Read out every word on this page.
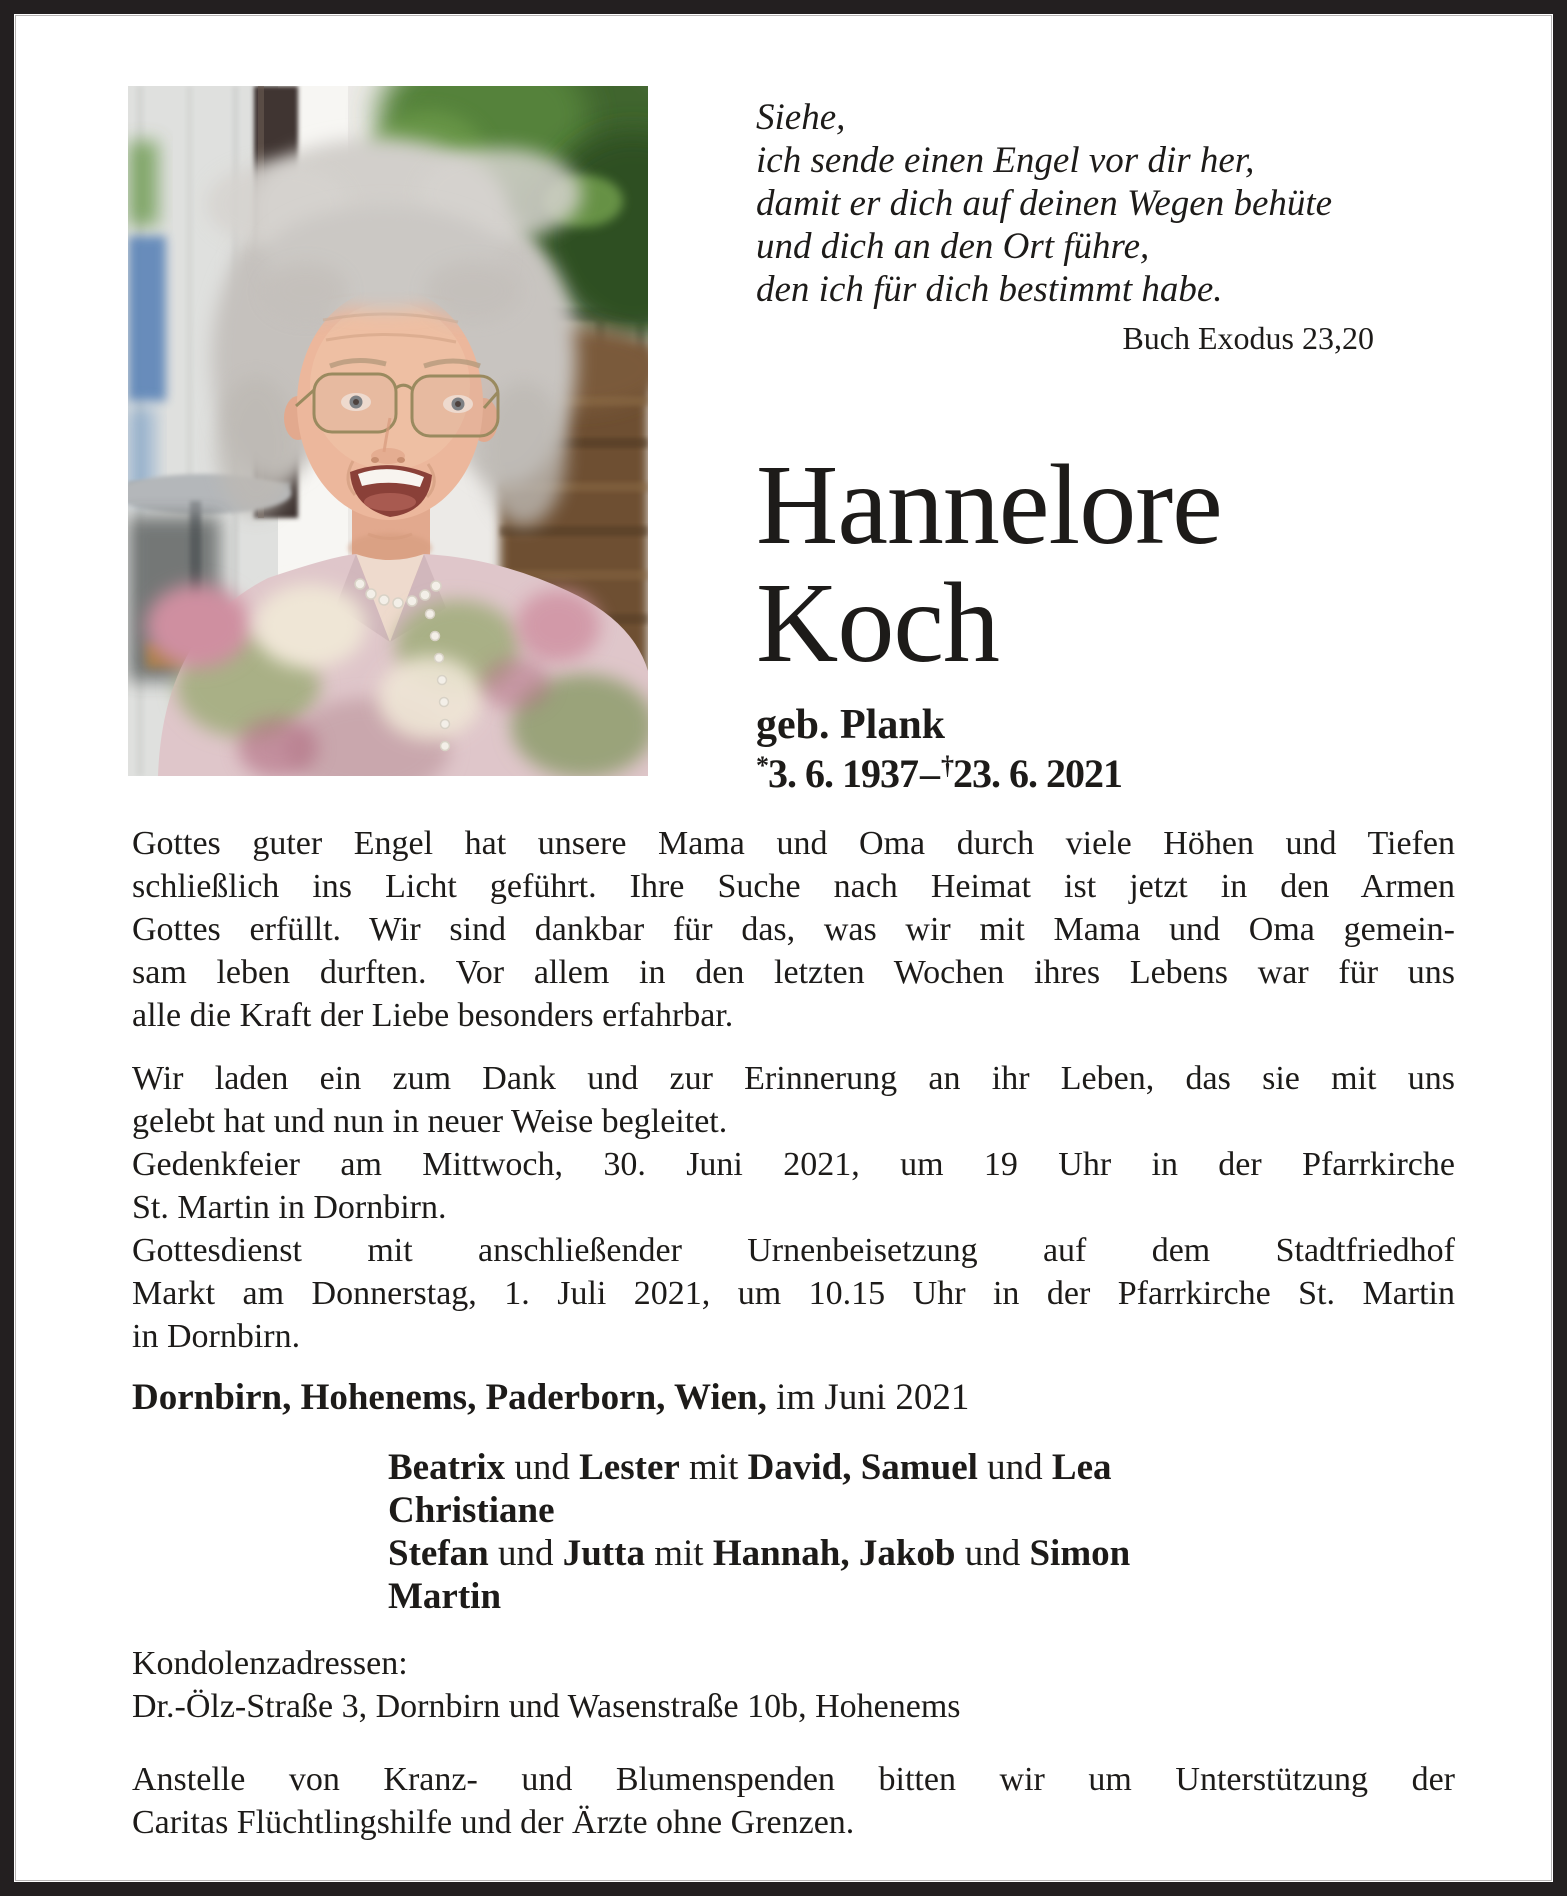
Siehe,
ich sende einen Engel vor dir her,
damit er dich auf deinen Wegen behüte
und dich an den Ort führe,
den ich für dich bestimmt habe.
Buch Exodus 23,20
Hannelore
Koch
geb. Plank
*3. 6. 1937–†23. 6. 2021
Gottes guter Engel hat unsere Mama und Oma durch viele Höhen und Tiefen
schließlich ins Licht geführt. Ihre Suche nach Heimat ist jetzt in den Armen
Gottes erfüllt. Wir sind dankbar für das, was wir mit Mama und Oma gemein-
sam leben durften. Vor allem in den letzten Wochen ihres Lebens war für uns
alle die Kraft der Liebe besonders erfahrbar.
Wir laden ein zum Dank und zur Erinnerung an ihr Leben, das sie mit uns
gelebt hat und nun in neuer Weise begleitet.
Gedenkfeier am Mittwoch, 30. Juni 2021, um 19 Uhr in der Pfarrkirche
St. Martin in Dornbirn.
Gottesdienst mit anschließender Urnenbeisetzung auf dem Stadtfriedhof
Markt am Donnerstag, 1. Juli 2021, um 10.15 Uhr in der Pfarrkirche St. Martin
in Dornbirn.
Dornbirn, Hohenems, Paderborn, Wien, im Juni 2021
Beatrix und Lester mit David, Samuel und Lea
Christiane
Stefan und Jutta mit Hannah, Jakob und Simon
Martin
Kondolenzadressen:
Dr.-Ölz-Straße 3, Dornbirn und Wasenstraße 10b, Hohenems
Anstelle von Kranz- und Blumenspenden bitten wir um Unterstützung der
Caritas Flüchtlingshilfe und der Ärzte ohne Grenzen.
